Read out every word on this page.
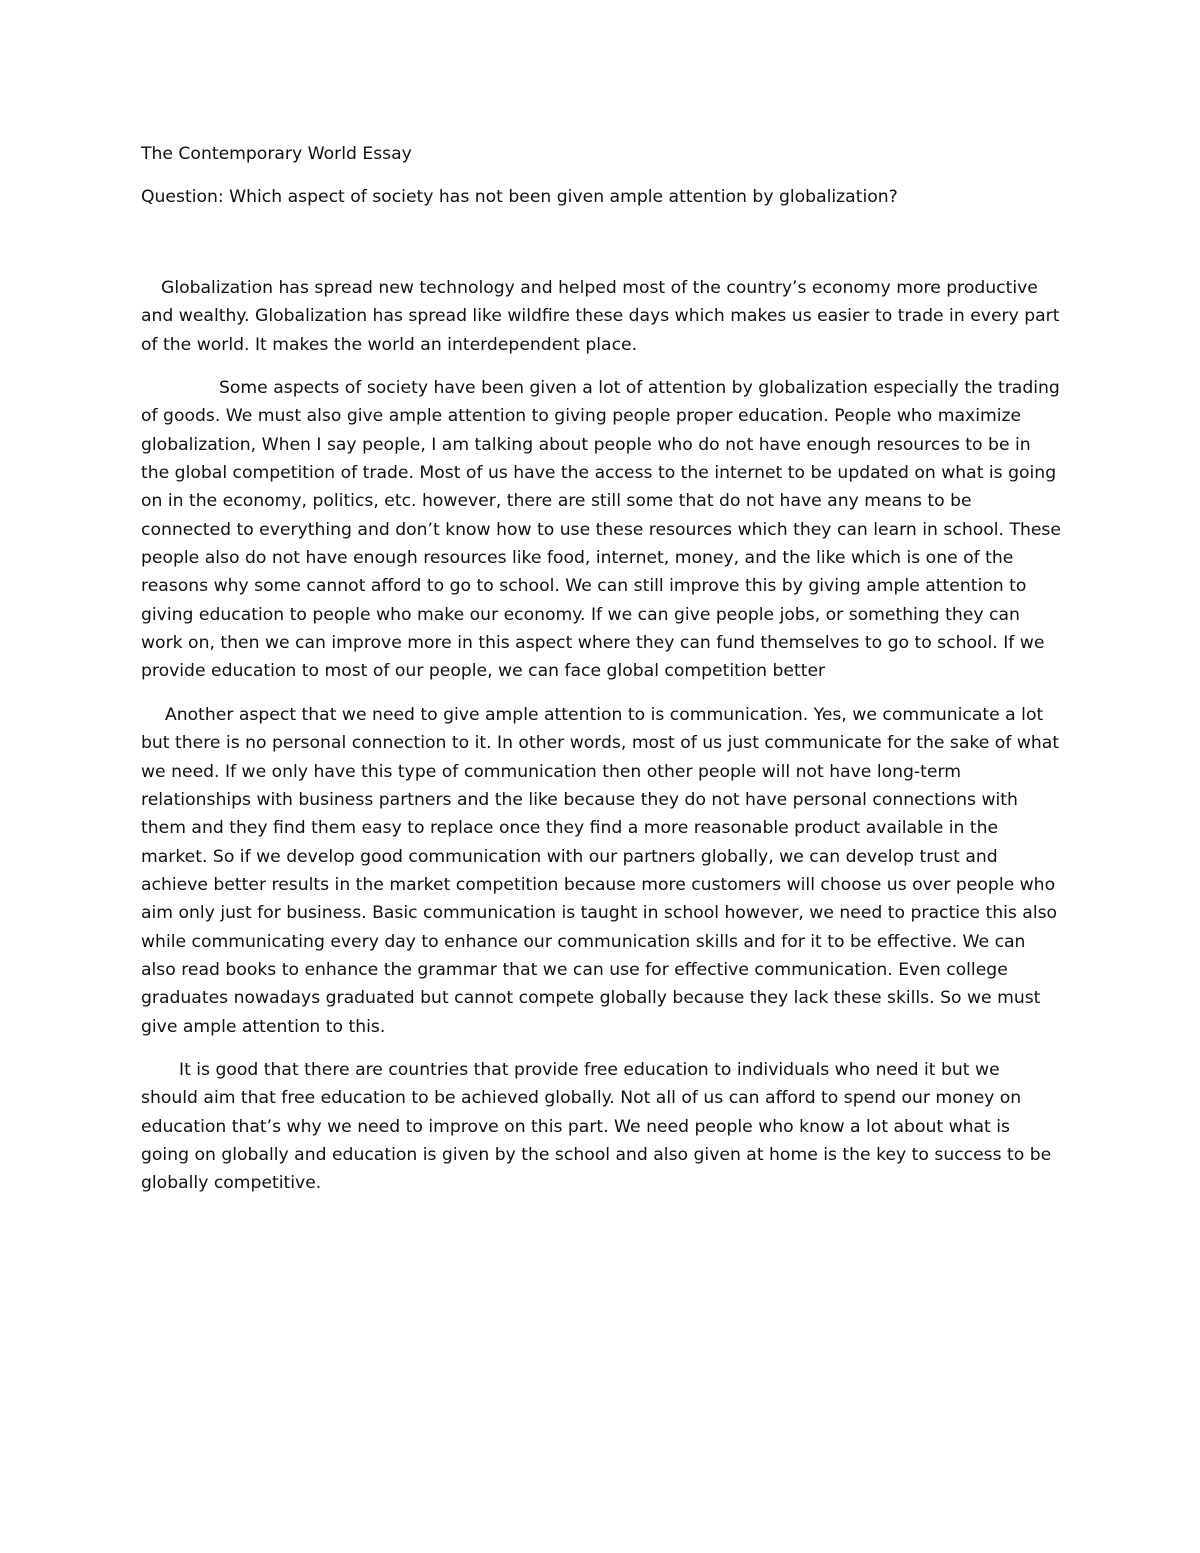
The Contemporary World Essay
Question: Which aspect of society has not been given ample attention by globalization?

Globalization has spread new technology and helped most of the country’s economy more productive and wealthy. Globalization has spread like wildfire these days which makes us easier to trade in every part of the world. It makes the world an interdependent place.

Some aspects of society have been given a lot of attention by globalization especially the trading of goods. We must also give ample attention to giving people proper education. People who maximize globalization, When I say people, I am talking about people who do not have enough resources to be in the global competition of trade. Most of us have the access to the internet to be updated on what is going on in the economy, politics, etc. however, there are still some that do not have any means to be connected to everything and don’t know how to use these resources which they can learn in school. These people also do not have enough resources like food, internet, money, and the like which is one of the reasons why some cannot afford to go to school. We can still improve this by giving ample attention to giving education to people who make our economy. If we can give people jobs, or something they can work on, then we can improve more in this aspect where they can fund themselves to go to school. If we provide education to most of our people, we can face global competition better

Another aspect that we need to give ample attention to is communication. Yes, we communicate a lot but there is no personal connection to it. In other words, most of us just communicate for the sake of what we need. If we only have this type of communication then other people will not have long-term relationships with business partners and the like because they do not have personal connections with them and they find them easy to replace once they find a more reasonable product available in the market. So if we develop good communication with our partners globally, we can develop trust and achieve better results in the market competition because more customers will choose us over people who aim only just for business. Basic communication is taught in school however, we need to practice this also while communicating every day to enhance our communication skills and for it to be effective. We can also read books to enhance the grammar that we can use for effective communication. Even college graduates nowadays graduated but cannot compete globally because they lack these skills. So we must give ample attention to this.

It is good that there are countries that provide free education to individuals who need it but we should aim that free education to be achieved globally. Not all of us can afford to spend our money on education that’s why we need to improve on this part. We need people who know a lot about what is going on globally and education is given by the school and also given at home is the key to success to be globally competitive.
